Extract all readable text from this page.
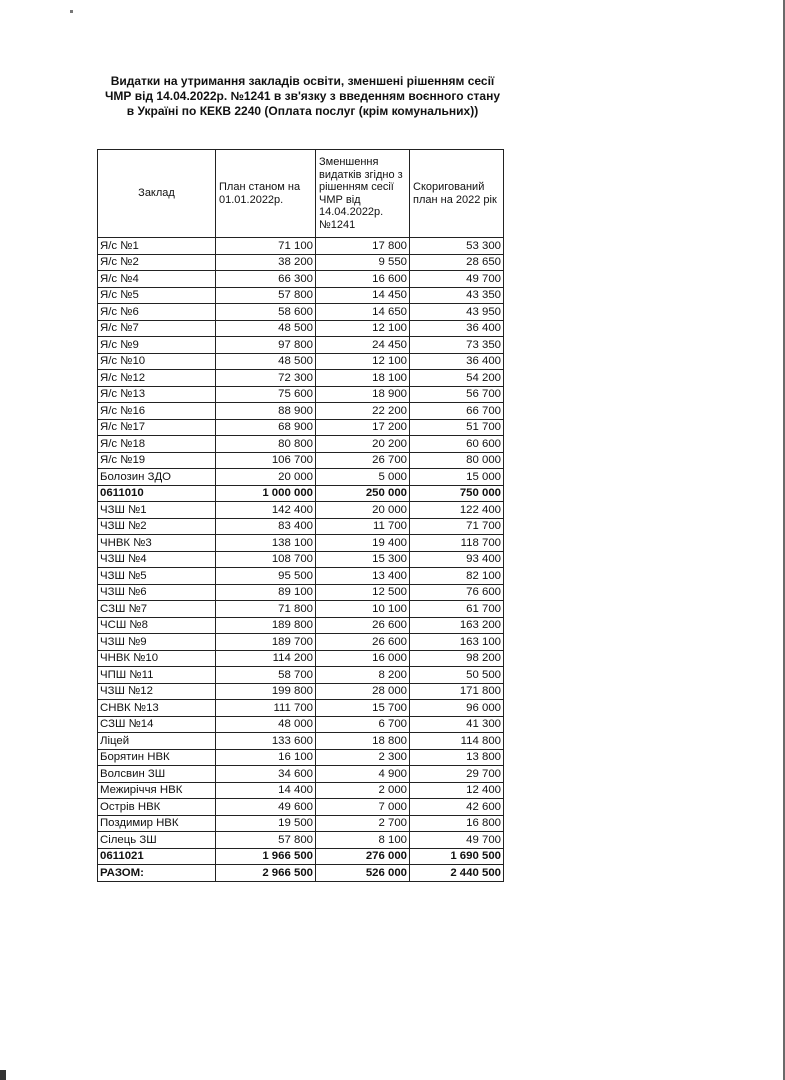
Видатки на утримання закладів освіти, зменшені рішенням сесії ЧМР від 14.04.2022р. №1241 в зв'язку з введенням воєнного стану в Україні по КЕКВ 2240 (Оплата послуг (крім комунальних))
Заклад	План станом на 01.01.2022р.	Зменшення видатків згідно з рішенням сесії ЧМР від 14.04.2022р. №1241	Скоригований план на 2022 рік
Я/с №1	71 100	17 800	53 300
Я/с №2	38 200	9 550	28 650
Я/с №4	66 300	16 600	49 700
Я/с №5	57 800	14 450	43 350
Я/с №6	58 600	14 650	43 950
Я/с №7	48 500	12 100	36 400
Я/с №9	97 800	24 450	73 350
Я/с №10	48 500	12 100	36 400
Я/с №12	72 300	18 100	54 200
Я/с №13	75 600	18 900	56 700
Я/с №16	88 900	22 200	66 700
Я/с №17	68 900	17 200	51 700
Я/с №18	80 800	20 200	60 600
Я/с №19	106 700	26 700	80 000
Болозин ЗДО	20 000	5 000	15 000
0611010	1 000 000	250 000	750 000
ЧЗШ №1	142 400	20 000	122 400
ЧЗШ №2	83 400	11 700	71 700
ЧНВК №3	138 100	19 400	118 700
ЧЗШ №4	108 700	15 300	93 400
ЧЗШ №5	95 500	13 400	82 100
ЧЗШ №6	89 100	12 500	76 600
СЗШ №7	71 800	10 100	61 700
ЧСШ №8	189 800	26 600	163 200
ЧЗШ №9	189 700	26 600	163 100
ЧНВК №10	114 200	16 000	98 200
ЧПШ №11	58 700	8 200	50 500
ЧЗШ №12	199 800	28 000	171 800
СНВК №13	111 700	15 700	96 000
СЗШ №14	48 000	6 700	41 300
Ліцей	133 600	18 800	114 800
Борятин НВК	16 100	2 300	13 800
Волсвин ЗШ	34 600	4 900	29 700
Межиріччя НВК	14 400	2 000	12 400
Острів НВК	49 600	7 000	42 600
Поздимир НВК	19 500	2 700	16 800
Сілець ЗШ	57 800	8 100	49 700
0611021	1 966 500	276 000	1 690 500
РАЗОМ:	2 966 500	526 000	2 440 500
